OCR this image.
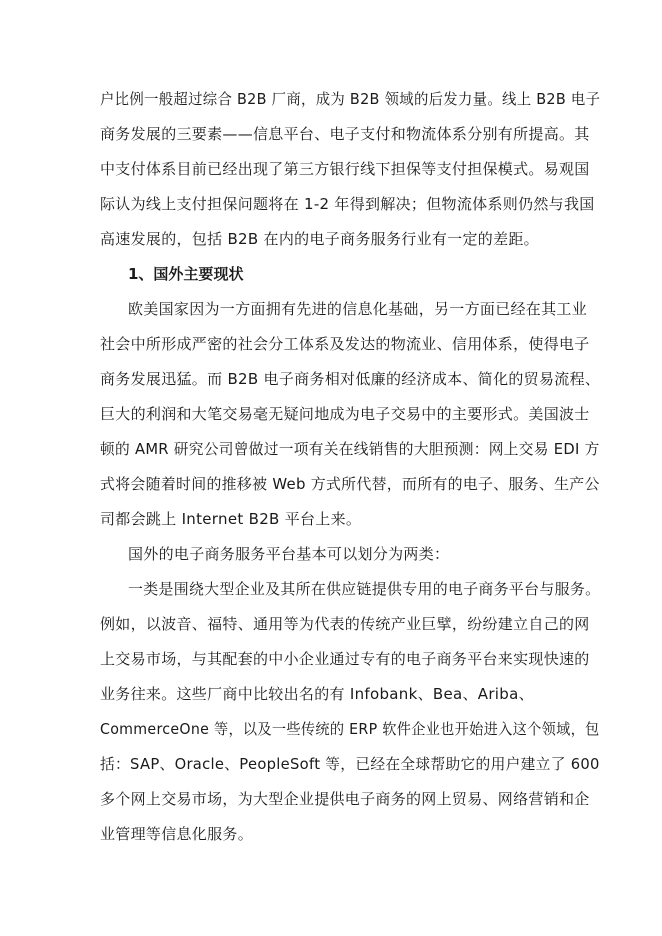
户比例一般超过综合 B2B 厂商，成为 B2B 领域的后发力量。线上 B2B 电子
商务发展的三要素——信息平台、电子支付和物流体系分别有所提高。其
中支付体系目前已经出现了第三方银行线下担保等支付担保模式。易观国
际认为线上支付担保问题将在 1-2 年得到解决；但物流体系则仍然与我国
高速发展的，包括 B2B 在内的电子商务服务行业有一定的差距。
1、国外主要现状
欧美国家因为一方面拥有先进的信息化基础，另一方面已经在其工业
社会中所形成严密的社会分工体系及发达的物流业、信用体系，使得电子
商务发展迅猛。而 B2B 电子商务相对低廉的经济成本、简化的贸易流程、
巨大的利润和大笔交易毫无疑问地成为电子交易中的主要形式。美国波士
顿的 AMR 研究公司曾做过一项有关在线销售的大胆预测：网上交易 EDI 方
式将会随着时间的推移被 Web 方式所代替，而所有的电子、服务、生产公
司都会跳上 Internet B2B 平台上来。
国外的电子商务服务平台基本可以划分为两类：
一类是围绕大型企业及其所在供应链提供专用的电子商务平台与服务。
例如，以波音、福特、通用等为代表的传统产业巨擘，纷纷建立自己的网
上交易市场，与其配套的中小企业通过专有的电子商务平台来实现快速的
业务往来。这些厂商中比较出名的有 Infobank、Bea、Ariba、
CommerceOne 等，以及一些传统的 ERP 软件企业也开始进入这个领域，包
括：SAP、Oracle、PeopleSoft 等，已经在全球帮助它的用户建立了 600
多个网上交易市场，为大型企业提供电子商务的网上贸易、网络营销和企
业管理等信息化服务。
